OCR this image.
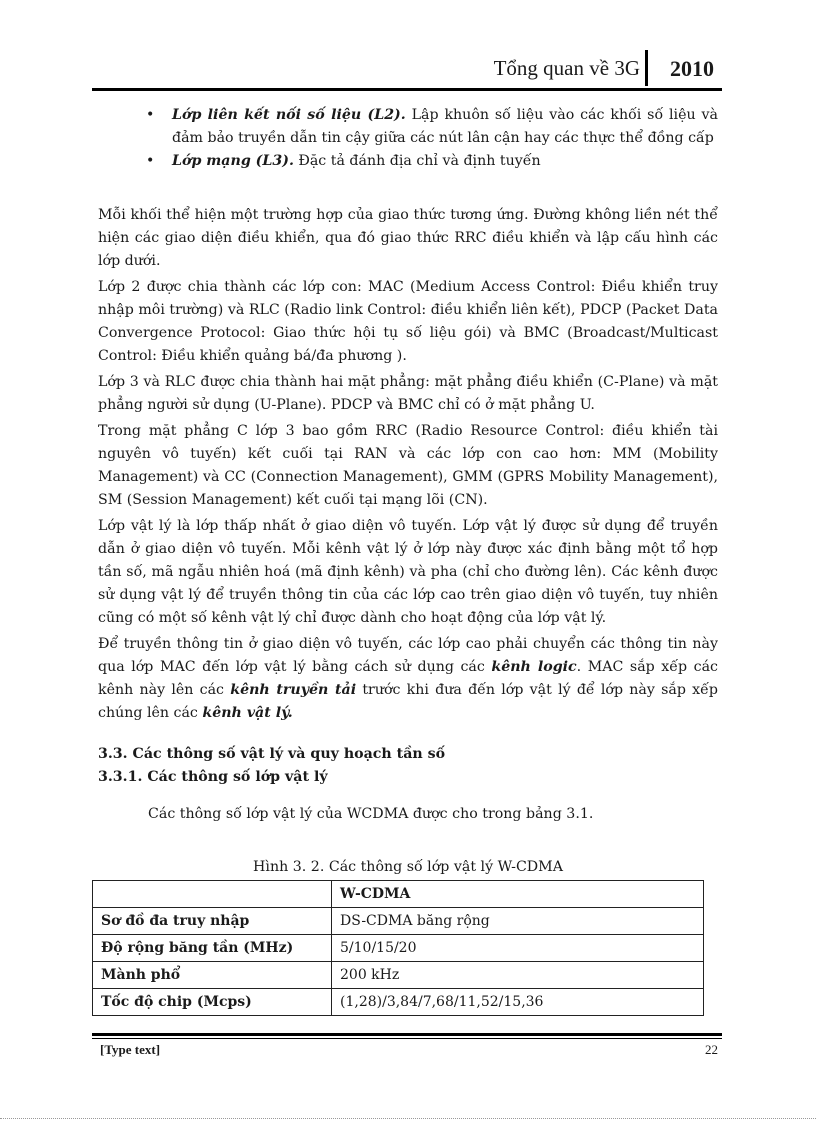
Tổng quan về 3G 2010
• Lớp liên kết nối số liệu (L2). Lập khuôn số liệu vào các khối số liệu và đảm bảo truyền dẫn tin cậy giữa các nút lân cận hay các thực thể đồng cấp
• Lớp mạng (L3). Đặc tả đánh địa chỉ và định tuyến

Mỗi khối thể hiện một trường hợp của giao thức tương ứng. Đường không liền nét thể hiện các giao diện điều khiển, qua đó giao thức RRC điều khiển và lập cấu hình các lớp dưới.

Lớp 2 được chia thành các lớp con: MAC (Medium Access Control: Điều khiển truy nhập môi trường) và RLC (Radio link Control: điều khiển liên kết), PDCP (Packet Data Convergence Protocol: Giao thức hội tụ số liệu gói) và BMC (Broadcast/Multicast Control: Điều khiển quảng bá/đa phương ).

Lớp 3 và RLC được chia thành hai mặt phẳng: mặt phẳng điều khiển (C-Plane) và mặt phẳng người sử dụng (U-Plane). PDCP và BMC chỉ có ở mặt phẳng U.

Trong mặt phẳng C lớp 3 bao gồm RRC (Radio Resource Control: điều khiển tài nguyên vô tuyến) kết cuối tại RAN và các lớp con cao hơn: MM (Mobility Management) và CC (Connection Management), GMM (GPRS Mobility Management), SM (Session Management) kết cuối tại mạng lõi (CN).

Lớp vật lý là lớp thấp nhất ở giao diện vô tuyến. Lớp vật lý được sử dụng để truyền dẫn ở giao diện vô tuyến. Mỗi kênh vật lý ở lớp này được xác định bằng một tổ hợp tần số, mã ngẫu nhiên hoá (mã định kênh) và pha (chỉ cho đường lên). Các kênh được sử dụng vật lý để truyền thông tin của các lớp cao trên giao diện vô tuyến, tuy nhiên cũng có một số kênh vật lý chỉ được dành cho hoạt động của lớp vật lý.

Để truyền thông tin ở giao diện vô tuyến, các lớp cao phải chuyển các thông tin này qua lớp MAC đến lớp vật lý bằng cách sử dụng các kênh logic. MAC sắp xếp các kênh này lên các kênh truyền tải trước khi đưa đến lớp vật lý để lớp này sắp xếp chúng lên các kênh vật lý.

3.3. Các thông số vật lý và quy hoạch tần số
3.3.1. Các thông số lớp vật lý

Các thông số lớp vật lý của WCDMA được cho trong bảng 3.1.

Hình 3. 2. Các thông số lớp vật lý W-CDMA

	W-CDMA
Sơ đồ đa truy nhập	DS-CDMA băng rộng
Độ rộng băng tần (MHz)	5/10/15/20
Mành phổ	200 kHz
Tốc độ chip (Mcps)	(1,28)/3,84/7,68/11,52/15,36
[Type text]	22
